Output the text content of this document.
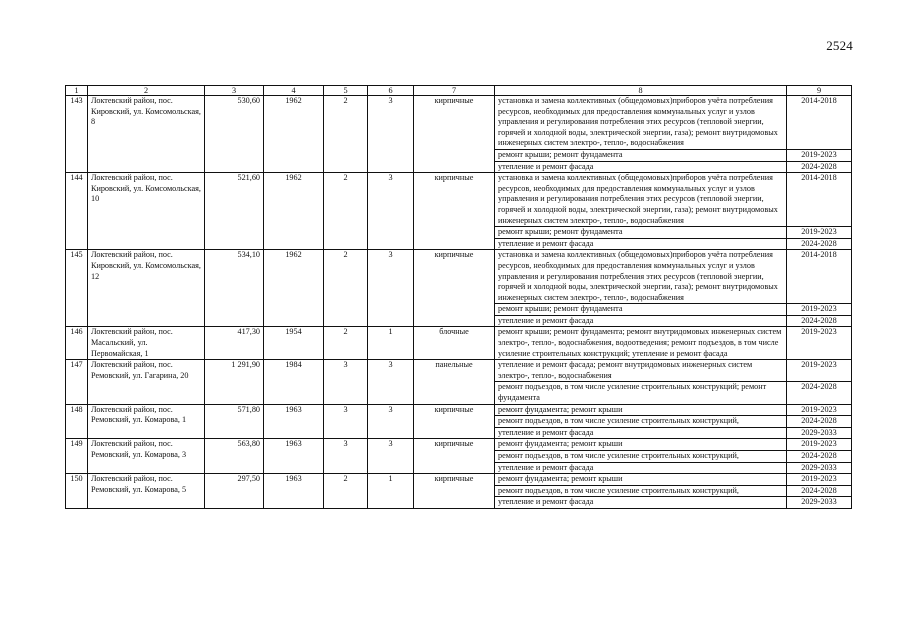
2524
1	2	3	4	5	6	7	8	9
143	Локтевский район, пос. Кировский, ул. Комсомольская, 8	530,60	1962	2	3	кирпичные	установка и замена коллективных (общедомовых)приборов учёта потребления ресурсов, необходимых для предоставления коммунальных услуг и узлов управления и регулирования потребления этих ресурсов (тепловой энергии, горячей и холодной воды, электрической энергии, газа); ремонт внутридомовых инженерных систем электро-, тепло-, водоснабжения	2014-2018
							ремонт крыши; ремонт фундамента	2019-2023
							утепление и ремонт фасада	2024-2028
144	Локтевский район, пос. Кировский, ул. Комсомольская, 10	521,60	1962	2	3	кирпичные	установка и замена коллективных (общедомовых)приборов учёта потребления ресурсов, необходимых для предоставления коммунальных услуг и узлов управления и регулирования потребления этих ресурсов (тепловой энергии, горячей и холодной воды, электрической энергии, газа); ремонт внутридомовых инженерных систем электро-, тепло-, водоснабжения	2014-2018
							ремонт крыши; ремонт фундамента	2019-2023
							утепление и ремонт фасада	2024-2028
145	Локтевский район, пос. Кировский, ул. Комсомольская, 12	534,10	1962	2	3	кирпичные	установка и замена коллективных (общедомовых)приборов учёта потребления ресурсов, необходимых для предоставления коммунальных услуг и узлов управления и регулирования потребления этих ресурсов (тепловой энергии, горячей и холодной воды, электрической энергии, газа); ремонт внутридомовых инженерных систем электро-, тепло-, водоснабжения	2014-2018
							ремонт крыши; ремонт фундамента	2019-2023
							утепление и ремонт фасада	2024-2028
146	Локтевский район, пос. Масальский, ул. Первомайская, 1	417,30	1954	2	1	блочные	ремонт крыши; ремонт фундамента; ремонт внутридомовых инженерных систем электро-, тепло-, водоснабжения, водоотведения; ремонт подъездов, в том числе усиление строительных конструкций; утепление и ремонт фасада	2019-2023
147	Локтевский район, пос. Ремовский, ул. Гагарина, 20	1 291,90	1984	3	3	панельные	утепление и ремонт фасада; ремонт внутридомовых инженерных систем электро-, тепло-, водоснабжения	2019-2023
							ремонт подъездов, в том числе усиление строительных конструкций; ремонт фундамента	2024-2028
148	Локтевский район, пос. Ремовский, ул. Комарова, 1	571,80	1963	3	3	кирпичные	ремонт фундамента; ремонт крыши	2019-2023
							ремонт подъездов, в том числе усиление строительных конструкций,	2024-2028
							утепление и ремонт фасада	2029-2033
149	Локтевский район, пос. Ремовский, ул. Комарова, 3	563,80	1963	3	3	кирпичные	ремонт фундамента; ремонт крыши	2019-2023
							ремонт подъездов, в том числе усиление строительных конструкций,	2024-2028
							утепление и ремонт фасада	2029-2033
150	Локтевский район, пос. Ремовский, ул. Комарова, 5	297,50	1963	2	1	кирпичные	ремонт фундамента; ремонт крыши	2019-2023
							ремонт подъездов, в том числе усиление строительных конструкций,	2024-2028
							утепление и ремонт фасада	2029-2033
